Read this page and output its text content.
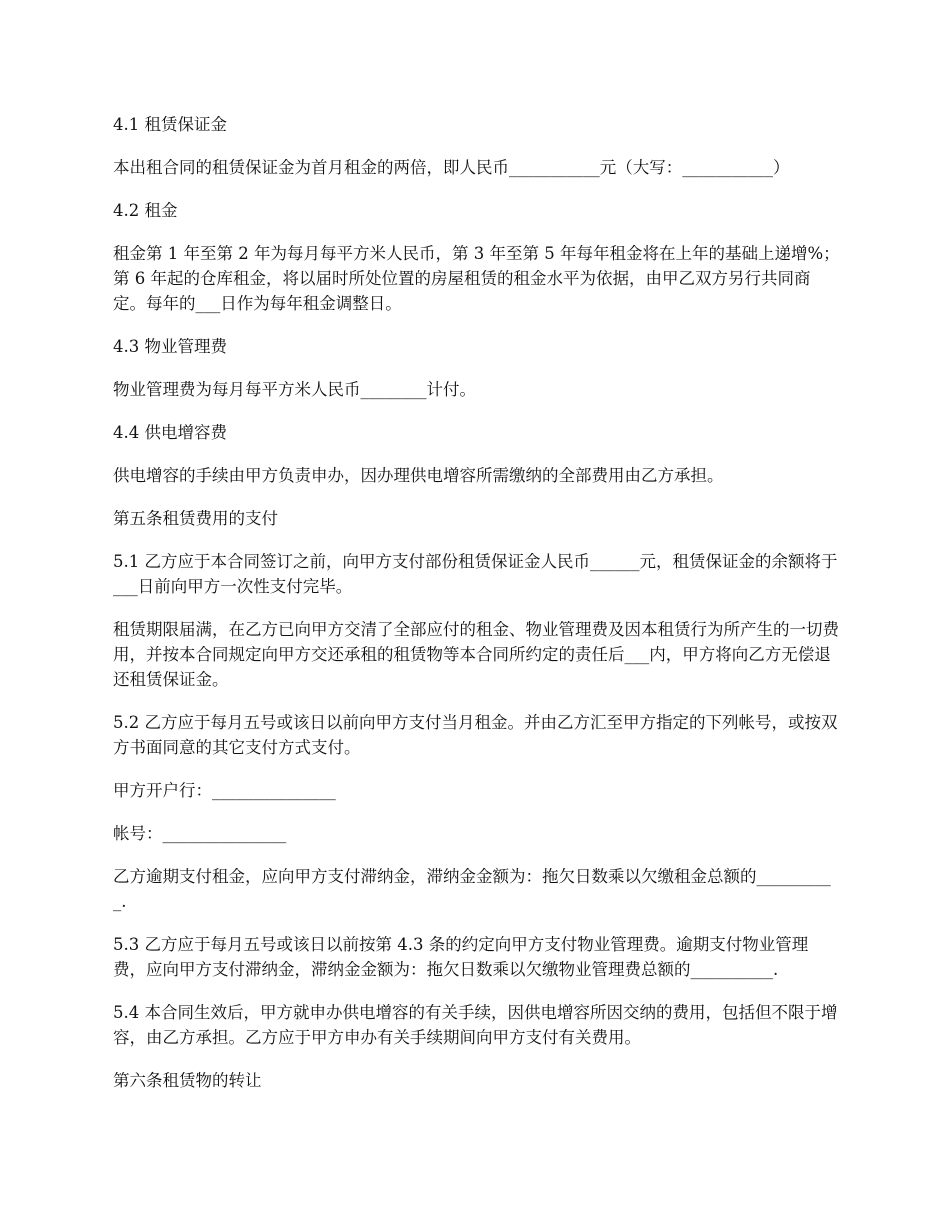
4.1 租赁保证金

本出租合同的租赁保证金为首月租金的两倍，即人民币___________元（大写：___________）

4.2 租金

租金第 1 年至第 2 年为每月每平方米人民币，第 3 年至第 5 年每年租金将在上年的基础上递增%；第 6 年起的仓库租金，将以届时所处位置的房屋租赁的租金水平为依据，由甲乙双方另行共同商定。每年的___日作为每年租金调整日。

4.3 物业管理费

物业管理费为每月每平方米人民币________计付。

4.4 供电增容费

供电增容的手续由甲方负责申办，因办理供电增容所需缴纳的全部费用由乙方承担。

第五条租赁费用的支付

5.1 乙方应于本合同签订之前，向甲方支付部份租赁保证金人民币______元，租赁保证金的余额将于___日前向甲方一次性支付完毕。

租赁期限届满，在乙方已向甲方交清了全部应付的租金、物业管理费及因本租赁行为所产生的一切费用，并按本合同规定向甲方交还承租的租赁物等本合同所约定的责任后___内，甲方将向乙方无偿退还租赁保证金。

5.2 乙方应于每月五号或该日以前向甲方支付当月租金。并由乙方汇至甲方指定的下列帐号，或按双方书面同意的其它支付方式支付。

甲方开户行：_______________

帐号：_______________

乙方逾期支付租金，应向甲方支付滞纳金，滞纳金金额为：拖欠日数乘以欠缴租金总额的__________.

5.3 乙方应于每月五号或该日以前按第 4.3 条的约定向甲方支付物业管理费。逾期支付物业管理费，应向甲方支付滞纳金，滞纳金金额为：拖欠日数乘以欠缴物业管理费总额的__________.

5.4 本合同生效后，甲方就申办供电增容的有关手续，因供电增容所因交纳的费用，包括但不限于增容，由乙方承担。乙方应于甲方申办有关手续期间向甲方支付有关费用。

第六条租赁物的转让
